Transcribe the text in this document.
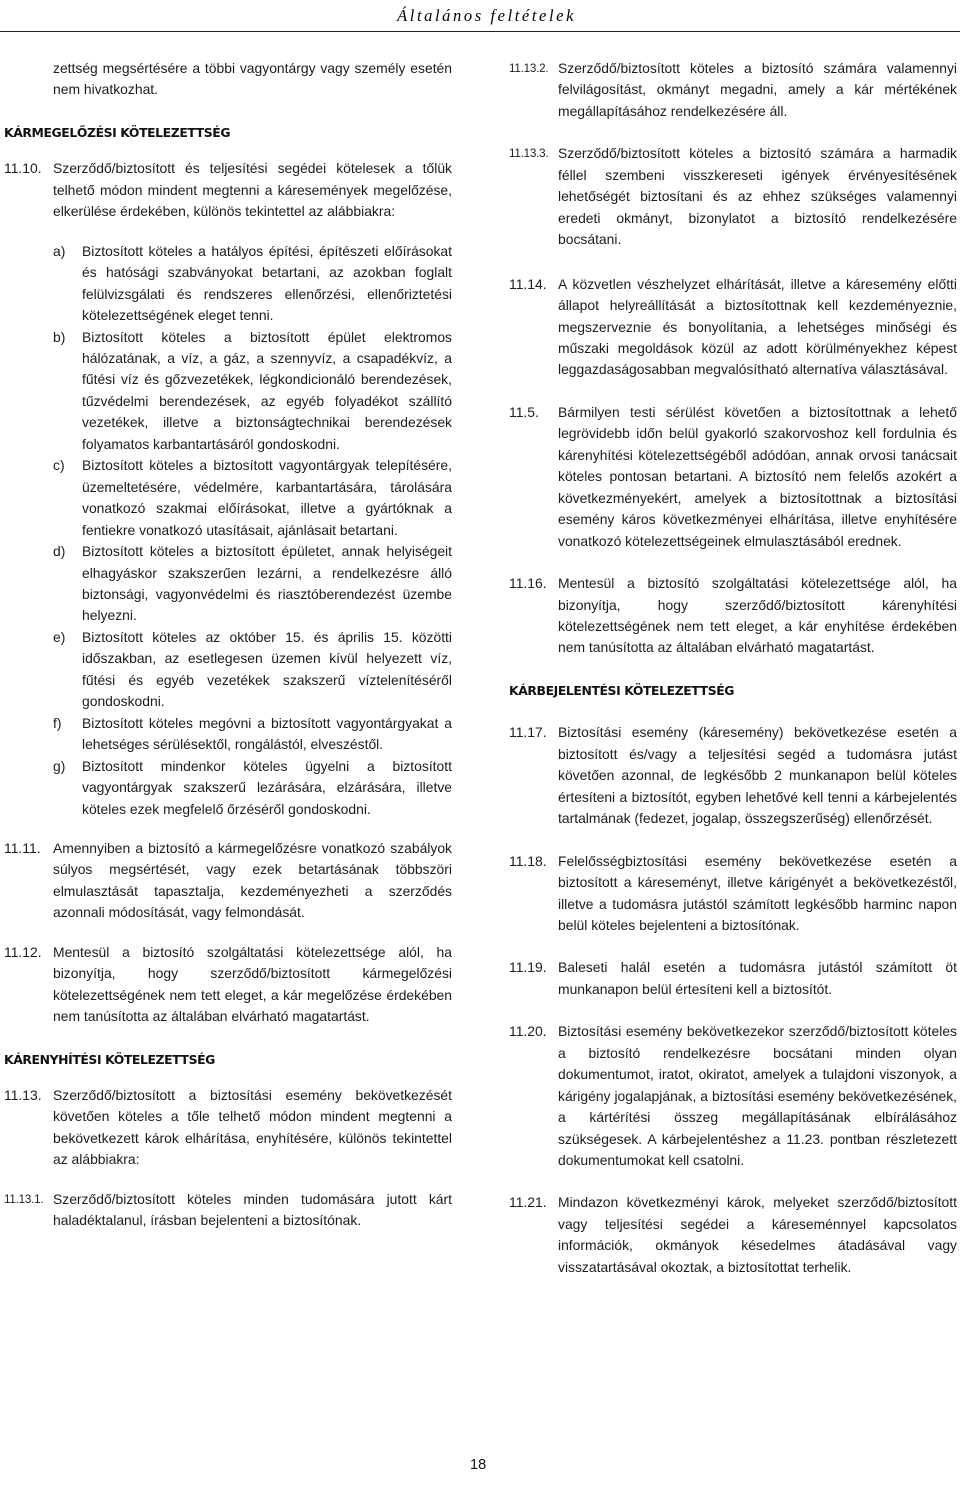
Általános feltételek
zettség megsértésére a többi vagyontárgy vagy személy esetén nem hivatkozhat.
KÁRMEGELŐZÉSI KÖTELEZETTSÉG
11.10. Szerződő/biztosított és teljesítési segédei kötelesek a tőlük telhető módon mindent megtenni a káresemények megelőzése, elkerülése érdekében, különös tekintettel az alábbiakra:
a) Biztosított köteles a hatályos építési, építészeti előírásokat és hatósági szabványokat betartani, az azokban foglalt felülvizsgálati és rendszeres ellenőrzési, ellenőriztetési kötelezettségének eleget tenni.
b) Biztosított köteles a biztosított épület elektromos hálózatának, a víz, a gáz, a szennyvíz, a csapadékvíz, a fűtési víz és gőzvezetékek, légkondicionáló berendezések, tűzvédelmi berendezések, az egyéb folyadékot szállító vezetékek, illetve a biztonságtechnikai berendezések folyamatos karbantartásáról gondoskodni.
c) Biztosított köteles a biztosított vagyontárgyak telepítésére, üzemeltetésére, védelmére, karbantartására, tárolására vonatkozó szakmai előírásokat, illetve a gyártóknak a fentiekre vonatkozó utasításait, ajánlásait betartani.
d) Biztosított köteles a biztosított épületet, annak helyiségeit elhagyáskor szakszerűen lezárni, a rendelkezésre álló biztonsági, vagyonvédelmi és riasztóberendezést üzembe helyezni.
e) Biztosított köteles az október 15. és április 15. közötti időszakban, az esetlegesen üzemen kívül helyezett víz, fűtési és egyéb vezetékek szakszerű víztelenítéséről gondoskodni.
f) Biztosított köteles megóvni a biztosított vagyontárgyakat a lehetséges sérülésektől, rongálástól, elveszéstől.
g) Biztosított mindenkor köteles ügyelni a biztosított vagyontárgyak szakszerű lezárására, elzárására, illetve köteles ezek megfelelő őrzéséről gondoskodni.
11.11. Amennyiben a biztosító a kármegelőzésre vonatkozó szabályok súlyos megsértését, vagy ezek betartásának többszöri elmulasztását tapasztalja, kezdeményezheti a szerződés azonnali módosítását, vagy felmondását.
11.12. Mentesül a biztosító szolgáltatási kötelezettsége alól, ha bizonyítja, hogy szerződő/biztosított kármegelőzési kötelezettségének nem tett eleget, a kár megelőzése érdekében nem tanúsította az általában elvárható magatartást.
KÁRENYHÍTÉSI KÖTELEZETTSÉG
11.13. Szerződő/biztosított a biztosítási esemény bekövetkezését követően köteles a tőle telhető módon mindent megtenni a bekövetkezett károk elhárítása, enyhítésére, különös tekintettel az alábbiakra:
11.13.1. Szerződő/biztosított köteles minden tudomására jutott kárt haladéktalanul, írásban bejelenteni a biztosítónak.
11.13.2. Szerződő/biztosított köteles a biztosító számára valamennyi felvilágosítást, okmányt megadni, amely a kár mértékének megállapításához rendelkezésére áll.
11.13.3. Szerződő/biztosított köteles a biztosító számára a harmadik féllel szembeni visszkereseti igények érvényesítésének lehetőségét biztosítani és az ehhez szükséges valamennyi eredeti okmányt, bizonylatot a biztosító rendelkezésére bocsátani.
11.14. A közvetlen vészhelyzet elhárítását, illetve a káresemény előtti állapot helyreállítását a biztosítottnak kell kezdeményeznie, megszerveznie és bonyolítania, a lehetséges minőségi és műszaki megoldások közül az adott körülményekhez képest leggazdaságosabban megvalósítható alternatíva választásával.
11.5. Bármilyen testi sérülést követően a biztosítottnak a lehető legrövidebb időn belül gyakorló szakorvoshoz kell fordulnia és kárenyhítési kötelezettségéből adódóan, annak orvosi tanácsait köteles pontosan betartani. A biztosító nem felelős azokért a következményekért, amelyek a biztosítottnak a biztosítási esemény káros következményei elhárítása, illetve enyhítésére vonatkozó kötelezettségeinek elmulasztásából erednek.
11.16. Mentesül a biztosító szolgáltatási kötelezettsége alól, ha bizonyítja, hogy szerződő/biztosított kárenyhítési kötelezettségének nem tett eleget, a kár enyhítése érdekében nem tanúsította az általában elvárható magatartást.
KÁRBEJELENTÉSI KÖTELEZETTSÉG
11.17. Biztosítási esemény (káresemény) bekövetkezése esetén a biztosított és/vagy a teljesítési segéd a tudomásra jutást követően azonnal, de legkésőbb 2 munkanapon belül köteles értesíteni a biztosítót, egyben lehetővé kell tenni a kárbejelentés tartalmának (fedezet, jogalap, összegszerűség) ellenőrzését.
11.18. Felelősségbiztosítási esemény bekövetkezése esetén a biztosított a káreseményt, illetve kárigényét a bekövetkezéstől, illetve a tudomásra jutástól számított legkésőbb harminc napon belül köteles bejelenteni a biztosítónak.
11.19. Baleseti halál esetén a tudomásra jutástól számított öt munkanapon belül értesíteni kell a biztosítót.
11.20. Biztosítási esemény bekövetkezekor szerződő/biztosított köteles a biztosító rendelkezésre bocsátani minden olyan dokumentumot, iratot, okiratot, amelyek a tulajdoni viszonyok, a kárigény jogalapjának, a biztosítási esemény bekövetkezésének, a kártérítési összeg megállapításának elbírálásához szükségesek. A kárbejelentéshez a 11.23. pontban részletezett dokumentumokat kell csatolni.
11.21. Mindazon következményi károk, melyeket szerződő/biztosított vagy teljesítési segédei a káreseménnyel kapcsolatos információk, okmányok késedelmes átadásával vagy visszatartásával okoztak, a biztosítottat terhelik.
18
